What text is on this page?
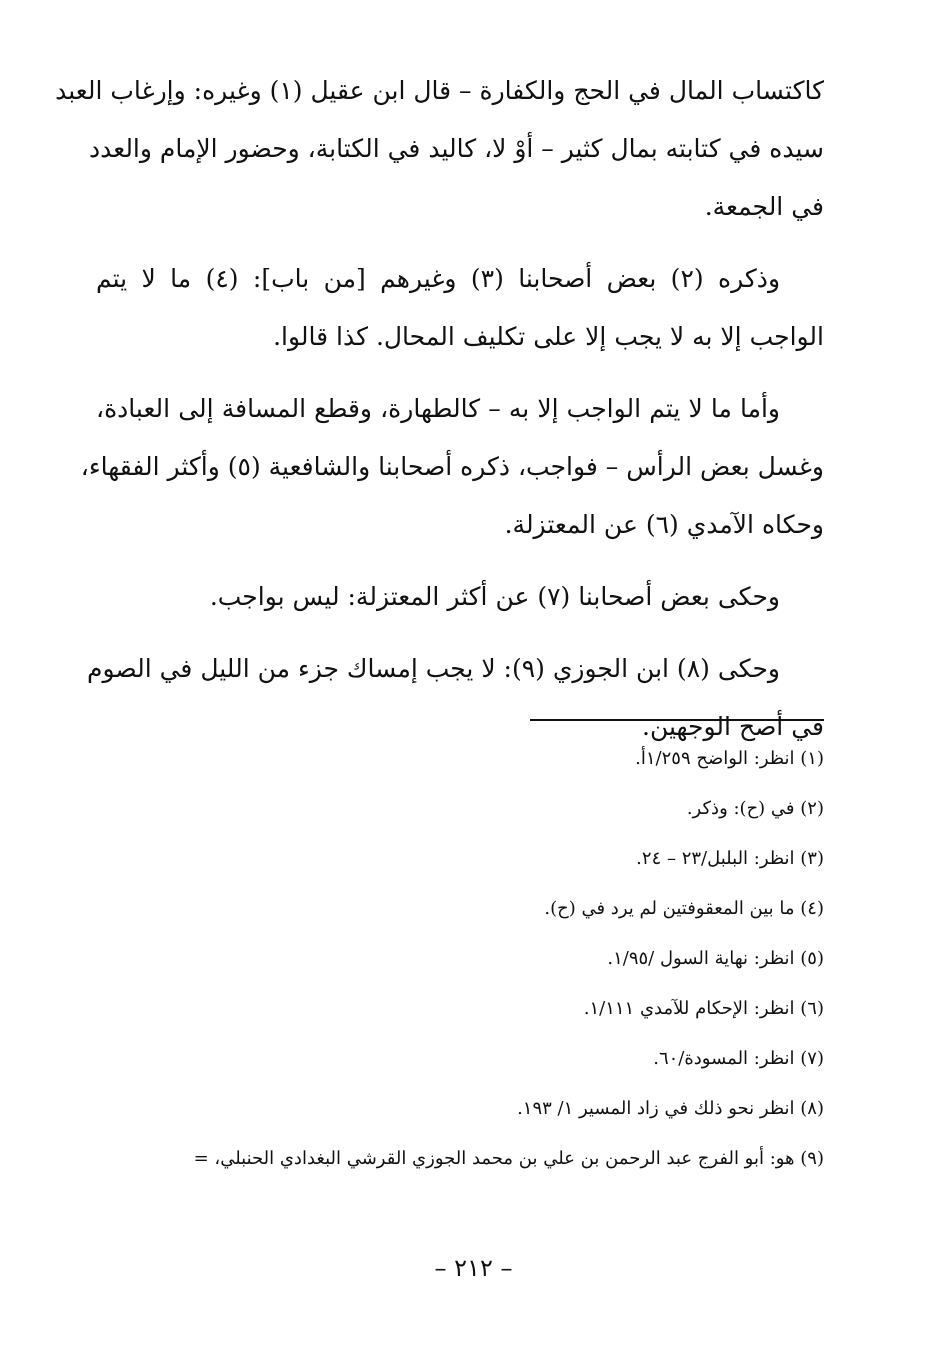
كاكتساب المال في الحج والكفارة – قال ابن عقيل (١) وغيره: وإرغاب العبد
سيده في كتابته بمال كثير – أوْ لا، كاليد في الكتابة، وحضور الإمام والعدد
في الجمعة.
وذكره (٢) بعض أصحابنا (٣) وغيرهم [من باب]: (٤) ما لا يتم
الواجب إلا به لا يجب إلا على تكليف المحال. كذا قالوا.
وأما ما لا يتم الواجب إلا به – كالطهارة، وقطع المسافة إلى العبادة،
وغسل بعض الرأس – فواجب، ذكره أصحابنا والشافعية (٥) وأكثر الفقهاء،
وحكاه الآمدي (٦) عن المعتزلة.
وحكى بعض أصحابنا (٧) عن أكثر المعتزلة: ليس بواجب.
وحكى (٨) ابن الجوزي (٩): لا يجب إمساك جزء من الليل في الصوم
في أصح الوجهين.
(١) انظر: الواضح ١/٢٥٩أ.
(٢) في (ح): وذكر.
(٣) انظر: البلبل/٢٣ – ٢٤.
(٤) ما بين المعقوفتين لم يرد في (ح).
(٥) انظر: نهاية السول /١/٩٥.
(٦) انظر: الإحكام للآمدي ١/١١١.
(٧) انظر: المسودة/٦٠.
(٨) انظر نحو ذلك في زاد المسير ١/ ١٩٣.
(٩) هو: أبو الفرج عبد الرحمن بن علي بن محمد الجوزي القرشي البغدادي الحنبلي، =
– ٢١٢ –
